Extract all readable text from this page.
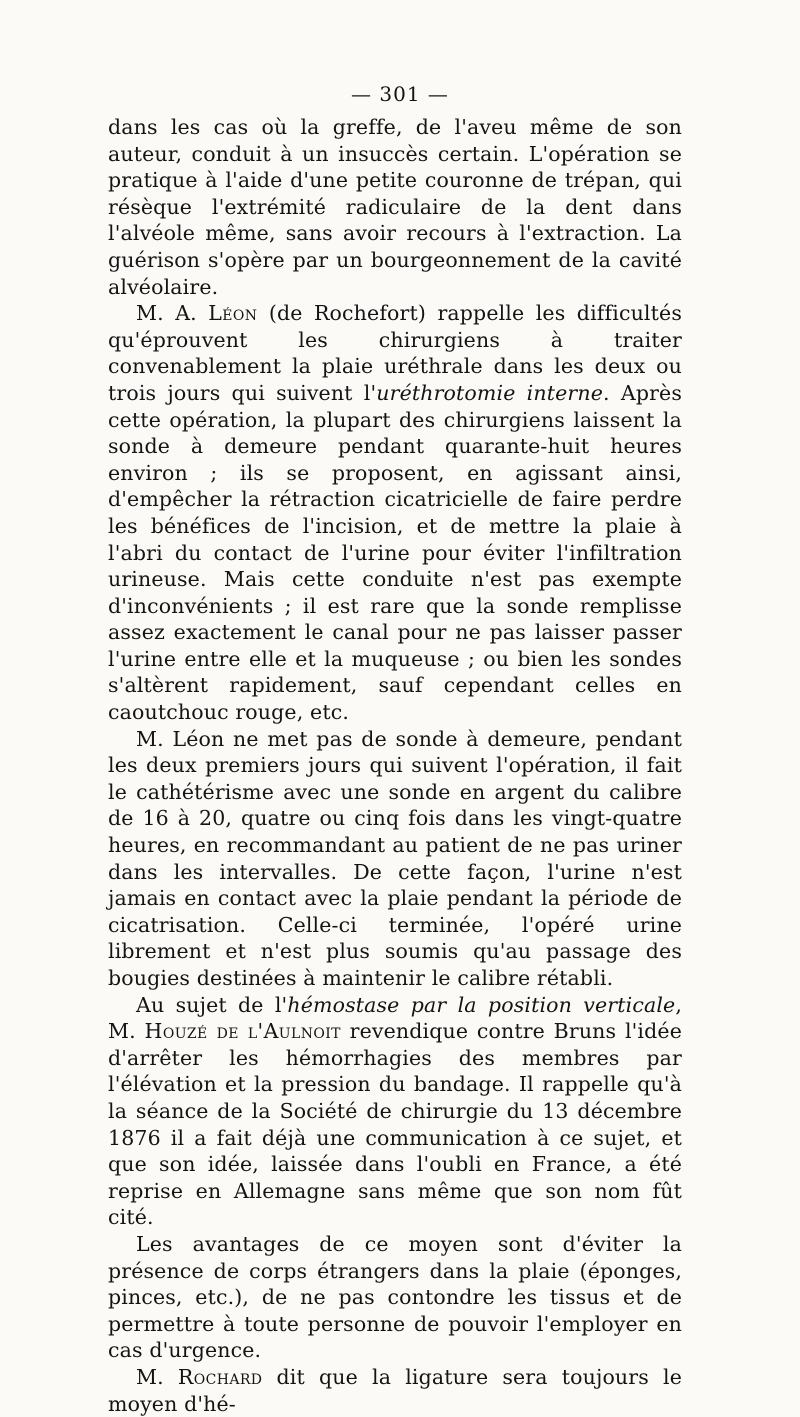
— 301 —

dans les cas où la greffe, de l'aveu même de son auteur, conduit à un insuccès certain. L'opération se pratique à l'aide d'une petite couronne de trépan, qui résèque l'extrémité radiculaire de la dent dans l'alvéole même, sans avoir recours à l'extraction. La guérison s'opère par un bourgeonnement de la cavité alvéolaire.

M. A. Léon (de Rochefort) rappelle les difficultés qu'éprouvent les chirurgiens à traiter convenablement la plaie uréthrale dans les deux ou trois jours qui suivent l'uréthrotomie interne. Après cette opération, la plupart des chirurgiens laissent la sonde à demeure pendant quarante-huit heures environ ; ils se proposent, en agissant ainsi, d'empêcher la rétraction cicatricielle de faire perdre les bénéfices de l'incision, et de mettre la plaie à l'abri du contact de l'urine pour éviter l'infiltration urineuse. Mais cette conduite n'est pas exempte d'inconvénients ; il est rare que la sonde remplisse assez exactement le canal pour ne pas laisser passer l'urine entre elle et la muqueuse ; ou bien les sondes s'altèrent rapidement, sauf cependant celles en caoutchouc rouge, etc.

M. Léon ne met pas de sonde à demeure, pendant les deux premiers jours qui suivent l'opération, il fait le cathétérisme avec une sonde en argent du calibre de 16 à 20, quatre ou cinq fois dans les vingt-quatre heures, en recommandant au patient de ne pas uriner dans les intervalles. De cette façon, l'urine n'est jamais en contact avec la plaie pendant la période de cicatrisation. Celle-ci terminée, l'opéré urine librement et n'est plus soumis qu'au passage des bougies destinées à maintenir le calibre rétabli.

Au sujet de l'hémostase par la position verticale, M. Houzé de l'Aulnoit revendique contre Bruns l'idée d'arrêter les hémorrhagies des membres par l'élévation et la pression du bandage. Il rappelle qu'à la séance de la Société de chirurgie du 13 décembre 1876 il a fait déjà une communication à ce sujet, et que son idée, laissée dans l'oubli en France, a été reprise en Allemagne sans même que son nom fût cité.

Les avantages de ce moyen sont d'éviter la présence de corps étrangers dans la plaie (éponges, pinces, etc.), de ne pas contondre les tissus et de permettre à toute personne de pouvoir l'employer en cas d'urgence.

M. Rochard dit que la ligature sera toujours le moyen d'hé-
